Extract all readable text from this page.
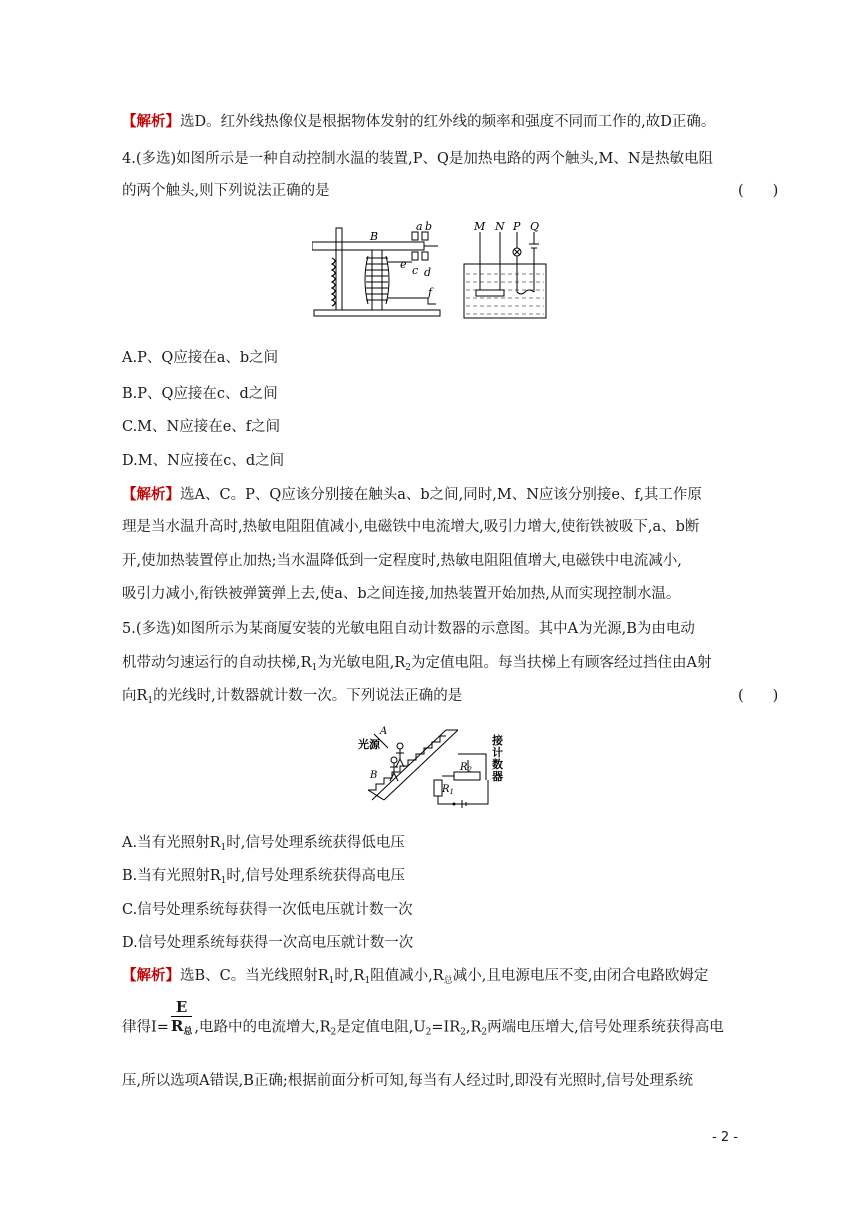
【解析】选D。红外线热像仪是根据物体发射的红外线的频率和强度不同而工作的,故D正确。
4.(多选)如图所示是一种自动控制水温的装置,P、Q是加热电路的两个触头,M、N是热敏电阻
的两个触头,则下列说法正确的是	(　　)
a b
B
c d
e
f
M N P Q
A.P、Q应接在a、b之间
B.P、Q应接在c、d之间
C.M、N应接在e、f之间
D.M、N应接在c、d之间
【解析】选A、C。P、Q应该分别接在触头a、b之间,同时,M、N应该分别接e、f,其工作原
理是当水温升高时,热敏电阻阻值减小,电磁铁中电流增大,吸引力增大,使衔铁被吸下,a、b断
开,使加热装置停止加热;当水温降低到一定程度时,热敏电阻阻值增大,电磁铁中电流减小,
吸引力减小,衔铁被弹簧弹上去,使a、b之间连接,加热装置开始加热,从而实现控制水温。
5.(多选)如图所示为某商厦安装的光敏电阻自动计数器的示意图。其中A为光源,B为由电动
机带动匀速运行的自动扶梯$,R_1$为光敏电阻$,R_2$为定值电阻。每当扶梯上有顾客经过挡住由A射
向$R_1$的光线时,计数器就计数一次。下列说法正确的是	(　　)
光源
A
B
$R_2$
$R_1$
接
计
数
器
A.当有光照射$R_1$时,信号处理系统获得低电压
B.当有光照射$R_1$时,信号处理系统获得高电压
C.信号处理系统每获得一次低电压就计数一次
D.信号处理系统每获得一次高电压就计数一次
【解析】选B、C。当光线照射$R_1$时$,R_1$阻值减小$,R_总$减小,且电源电压不变,由闭合电路欧姆定
律得$I= \frac{E}{R_总}$ ,电路中的电流增大$,R_2$是定值电阻$,U_2=IR_2,R_2$两端电压增大,信号处理系统获得高电
压,所以选项A错误,B正确;根据前面分析可知,每当有人经过时,即没有光照时,信号处理系统
- 2 -
